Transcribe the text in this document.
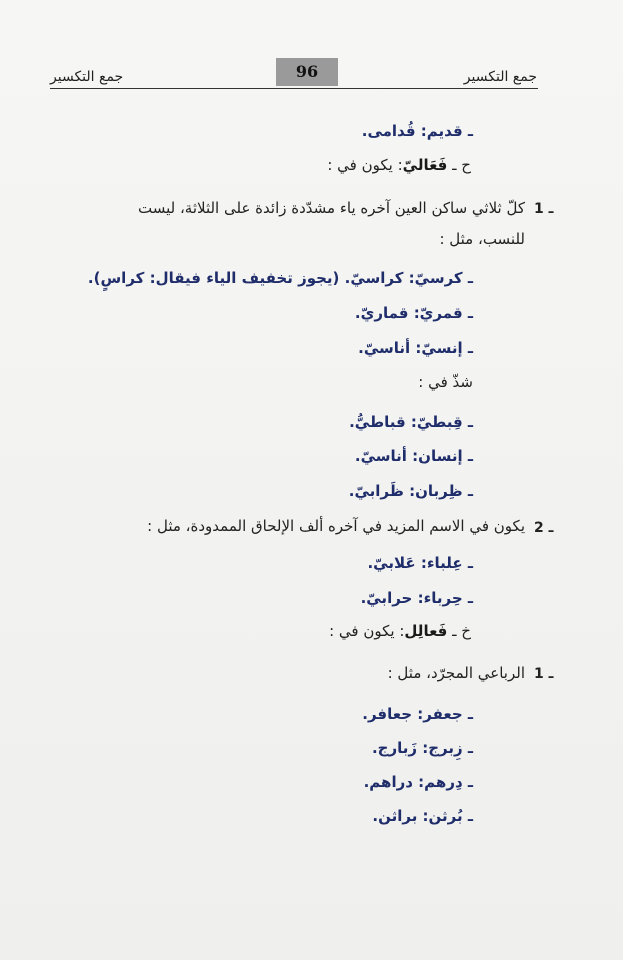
جمع التكسير	96	جمع التكسير
ـ قديم: قُدامى.
ح ـ فَعَاليّ: يكون في :
1 ـ
كلّ ثلاثي ساكن العين آخره ياء مشدّدة زائدة على الثلاثة، ليست
للنسب، مثل :
ـ كرسيّ: كراسيّ. (يجوز تخفيف الياء فيقال: كراسٍ).
ـ قمريّ: قماريّ.
ـ إنسيّ: أناسيّ.
شذّ في :
ـ قِبطيّ: قباطيُّ.
ـ إنسان: أناسيّ.
ـ ظِربان: ظَرابيّ.
2 ـ
يكون في الاسم المزيد في آخره ألف الإلحاق الممدودة، مثل :
ـ عِلباء: عَلابيّ.
ـ حِرباء: حرابيّ.
خ ـ فَعالِل: يكون في :
1 ـ
الرباعي المجرّد، مثل :
ـ جعفر: جعافر.
ـ زِبرج: زَبارج.
ـ دِرهم: دراهم.
ـ بُرثن: براثن.
